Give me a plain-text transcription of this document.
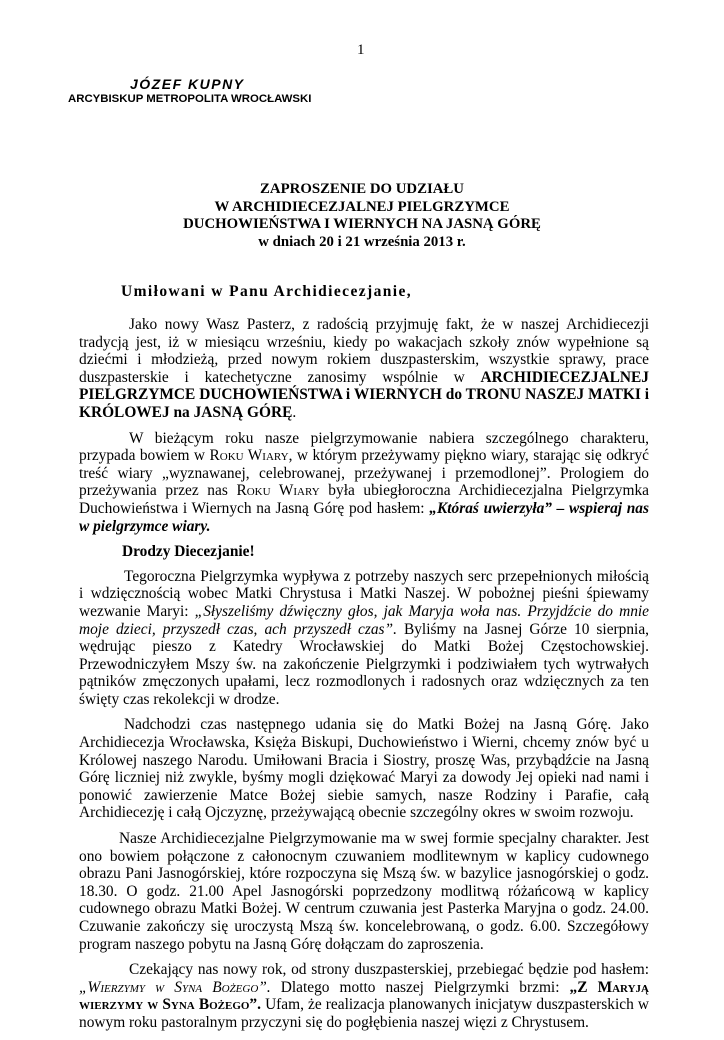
1
JÓZEF KUPNY
ARCYBISKUP METROPOLITA WROCŁAWSKI
ZAPROSZENIE DO UDZIAŁU
W ARCHIDIECEZJALNEJ PIELGRZYMCE
DUCHOWIEŃSTWA I WIERNYCH NA JASNĄ GÓRĘ
w dniach 20 i 21 września 2013 r.
Umiłowani w Panu Archidiecezjanie,

Jako nowy Wasz Pasterz, z radością przyjmuję fakt, że w naszej Archidiecezji tradycją jest, iż w miesiącu wrześniu, kiedy po wakacjach szkoły znów wypełnione są dziećmi i młodzieżą, przed nowym rokiem duszpasterskim, wszystkie sprawy, prace duszpasterskie i katechetyczne zanosimy wspólnie w ARCHIDIECEZJALNEJ PIELGRZYMCE DUCHOWIEŃSTWA i WIERNYCH do TRONU NASZEJ MATKI i KRÓLOWEJ na JASNĄ GÓRĘ.

W bieżącym roku nasze pielgrzymowanie nabiera szczególnego charakteru, przypada bowiem w Roku Wiary, w którym przeżywamy piękno wiary, starając się odkryć treść wiary „wyznawanej, celebrowanej, przeżywanej i przemodlonej”. Prologiem do przeżywania przez nas Roku Wiary była ubiegłoroczna Archidiecezjalna Pielgrzymka Duchowieństwa i Wiernych na Jasną Górę pod hasłem: „Któraś uwierzyła” – wspieraj nas w pielgrzymce wiary.

Drodzy Diecezjanie!

Tegoroczna Pielgrzymka wypływa z potrzeby naszych serc przepełnionych miłością i wdzięcznością wobec Matki Chrystusa i Matki Naszej. W pobożnej pieśni śpiewamy wezwanie Maryi: „Słyszeliśmy dźwięczny głos, jak Maryja woła nas. Przyjdźcie do mnie moje dzieci, przyszedł czas, ach przyszedł czas”. Byliśmy na Jasnej Górze 10 sierpnia, wędrując pieszo z Katedry Wrocławskiej do Matki Bożej Częstochowskiej. Przewodniczyłem Mszy św. na zakończenie Pielgrzymki i podziwiałem tych wytrwałych pątników zmęczonych upałami, lecz rozmodlonych i radosnych oraz wdzięcznych za ten święty czas rekolekcji w drodze.

Nadchodzi czas następnego udania się do Matki Bożej na Jasną Górę. Jako Archidiecezja Wrocławska, Księża Biskupi, Duchowieństwo i Wierni, chcemy znów być u Królowej naszego Narodu. Umiłowani Bracia i Siostry, proszę Was, przybądźcie na Jasną Górę liczniej niż zwykle, byśmy mogli dziękować Maryi za dowody Jej opieki nad nami i ponowić zawierzenie Matce Bożej siebie samych, nasze Rodziny i Parafie, całą Archidiecezję i całą Ojczyznę, przeżywającą obecnie szczególny okres w swoim rozwoju.

Nasze Archidiecezjalne Pielgrzymowanie ma w swej formie specjalny charakter. Jest ono bowiem połączone z całonocnym czuwaniem modlitewnym w kaplicy cudownego obrazu Pani Jasnogórskiej, które rozpoczyna się Mszą św. w bazylice jasnogórskiej o godz. 18.30. O godz. 21.00 Apel Jasnogórski poprzedzony modlitwą różańcową w kaplicy cudownego obrazu Matki Bożej. W centrum czuwania jest Pasterka Maryjna o godz. 24.00. Czuwanie zakończy się uroczystą Mszą św. koncelebrowaną, o godz. 6.00. Szczegółowy program naszego pobytu na Jasną Górę dołączam do zaproszenia.

Czekający nas nowy rok, od strony duszpasterskiej, przebiegać będzie pod hasłem: „Wierzymy w Syna Bożego”. Dlatego motto naszej Pielgrzymki brzmi: „Z Maryją wierzymy w Syna Bożego”. Ufam, że realizacja planowanych inicjatyw duszpasterskich w nowym roku pastoralnym przyczyni się do pogłębienia naszej więzi z Chrystusem.
